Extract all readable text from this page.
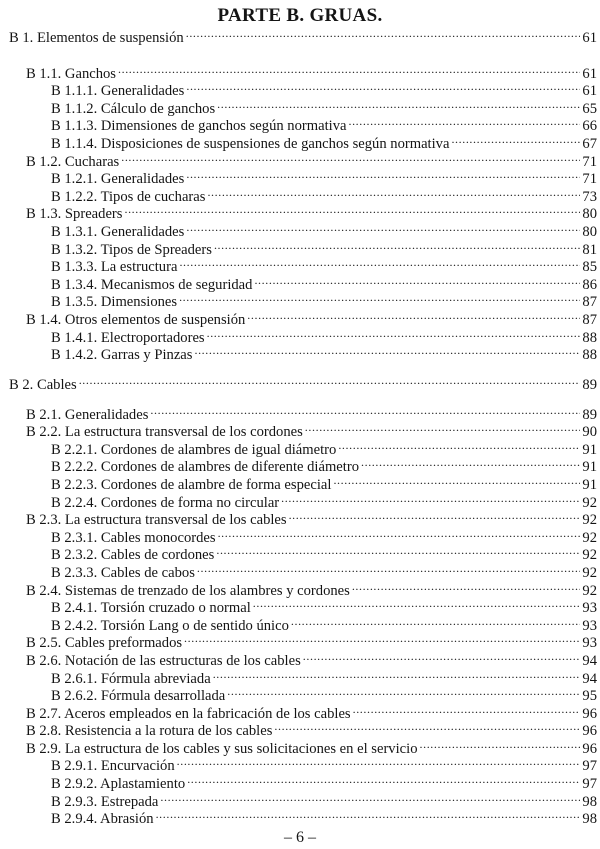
PARTE B. GRUAS.
B 1. Elementos de suspensión .....	61
B 1.1. Ganchos .....	61
B 1.1.1. Generalidades .....	61
B 1.1.2. Cálculo de ganchos .....	65
B 1.1.3. Dimensiones de ganchos según normativa .....	66
B 1.1.4. Disposiciones de suspensiones de ganchos según normativa .....	67
B 1.2. Cucharas .....	71
B 1.2.1. Generalidades .....	71
B 1.2.2. Tipos de cucharas .....	73
B 1.3. Spreaders .....	80
B 1.3.1. Generalidades .....	80
B 1.3.2. Tipos de Spreaders .....	81
B 1.3.3. La estructura .....	85
B 1.3.4. Mecanismos de seguridad .....	86
B 1.3.5. Dimensiones .....	87
B 1.4. Otros elementos de suspensión .....	87
B 1.4.1. Electroportadores .....	88
B 1.4.2. Garras y Pinzas .....	88
B 2. Cables .....	89
B 2.1. Generalidades .....	89
B 2.2. La estructura transversal de los cordones .....	90
B 2.2.1. Cordones de alambres de igual diámetro .....	91
B 2.2.2. Cordones de alambres de diferente diámetro .....	91
B 2.2.3. Cordones de alambre de forma especial .....	91
B 2.2.4. Cordones de forma no circular .....	92
B 2.3. La estructura transversal de los cables .....	92
B 2.3.1. Cables monocordes .....	92
B 2.3.2. Cables de cordones .....	92
B 2.3.3. Cables de cabos .....	92
B 2.4. Sistemas de trenzado de los alambres y cordones .....	92
B 2.4.1. Torsión cruzado o normal .....	93
B 2.4.2. Torsión Lang o de sentido único .....	93
B 2.5. Cables preformados .....	93
B 2.6. Notación de las estructuras de los cables .....	94
B 2.6.1. Fórmula abreviada .....	94
B 2.6.2. Fórmula desarrollada .....	95
B 2.7. Aceros empleados en la fabricación de los cables .....	96
B 2.8. Resistencia a la rotura de los cables .....	96
B 2.9. La estructura de los cables y sus solicitaciones en el servicio .....	96
B 2.9.1. Encurvación .....	97
B 2.9.2. Aplastamiento .....	97
B 2.9.3. Estrepada .....	98
B 2.9.4. Abrasión .....	98
– 6 –
